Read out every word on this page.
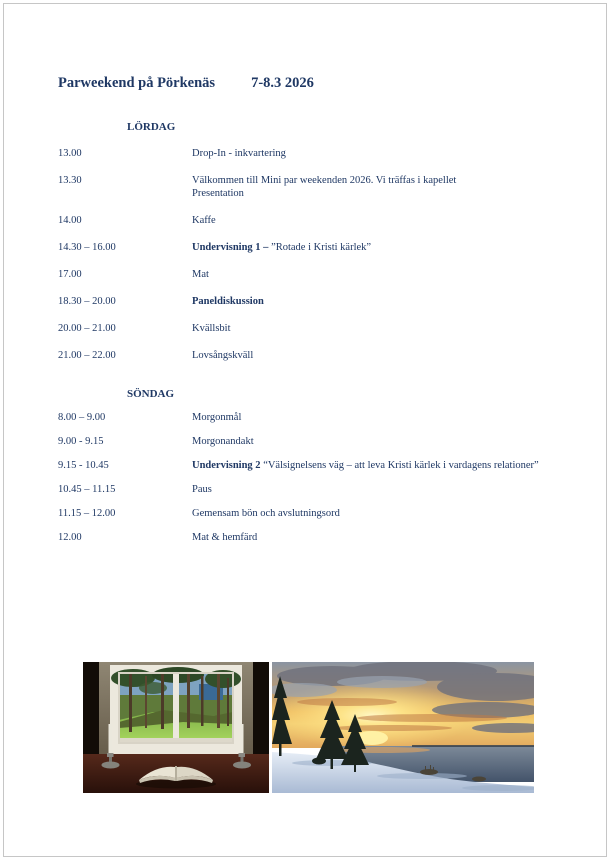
Parweekend på Pörkenäs 7-8.3 2026
LÖRDAG
13.00	Drop-In - inkvartering
13.30	Välkommen till Mini par weekenden 2026. Vi träffas i kapellet
Presentation
14.00	Kaffe
14.30 – 16.00	Undervisning 1 – ”Rotade i Kristi kärlek”
17.00	Mat
18.30 – 20.00	Paneldiskussion
20.00 – 21.00	Kvällsbit
21.00 – 22.00	Lovsångskväll
SÖNDAG
8.00 – 9.00	Morgonmål
9.00 - 9.15	Morgonandakt
9.15 - 10.45	Undervisning 2 “Välsignelsens väg – att leva Kristi kärlek i vardagens relationer”
10.45 – 11.15	Paus
11.15 – 12.00	Gemensam bön och avslutningsord
12.00	Mat & hemfärd
